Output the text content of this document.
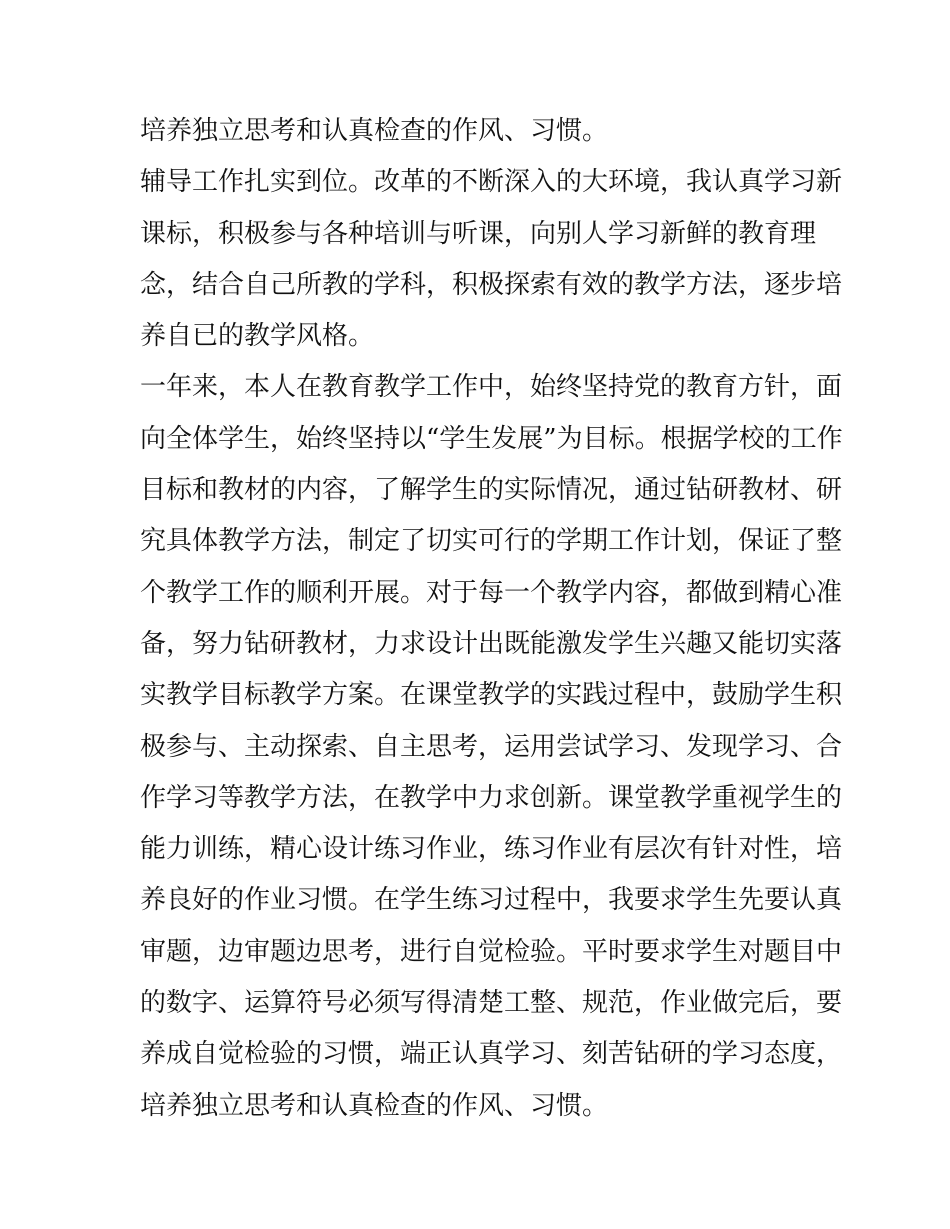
培养独立思考和认真检查的作风、习惯。
辅导工作扎实到位。改革的不断深入的大环境，我认真学习新
课标，积极参与各种培训与听课，向别人学习新鲜的教育理
念，结合自己所教的学科，积极探索有效的教学方法，逐步培
养自已的教学风格。
一年来，本人在教育教学工作中，始终坚持党的教育方针，面
向全体学生，始终坚持以“学生发展”为目标。根据学校的工作
目标和教材的内容，了解学生的实际情况，通过钻研教材、研
究具体教学方法，制定了切实可行的学期工作计划，保证了整
个教学工作的顺利开展。对于每一个教学内容，都做到精心准
备，努力钻研教材，力求设计出既能激发学生兴趣又能切实落
实教学目标教学方案。在课堂教学的实践过程中，鼓励学生积
极参与、主动探索、自主思考，运用尝试学习、发现学习、合
作学习等教学方法，在教学中力求创新。课堂教学重视学生的
能力训练，精心设计练习作业，练习作业有层次有针对性，培
养良好的作业习惯。在学生练习过程中，我要求学生先要认真
审题，边审题边思考，进行自觉检验。平时要求学生对题目中
的数字、运算符号必须写得清楚工整、规范，作业做完后，要
养成自觉检验的习惯，端正认真学习、刻苦钻研的学习态度，
培养独立思考和认真检查的作风、习惯。
